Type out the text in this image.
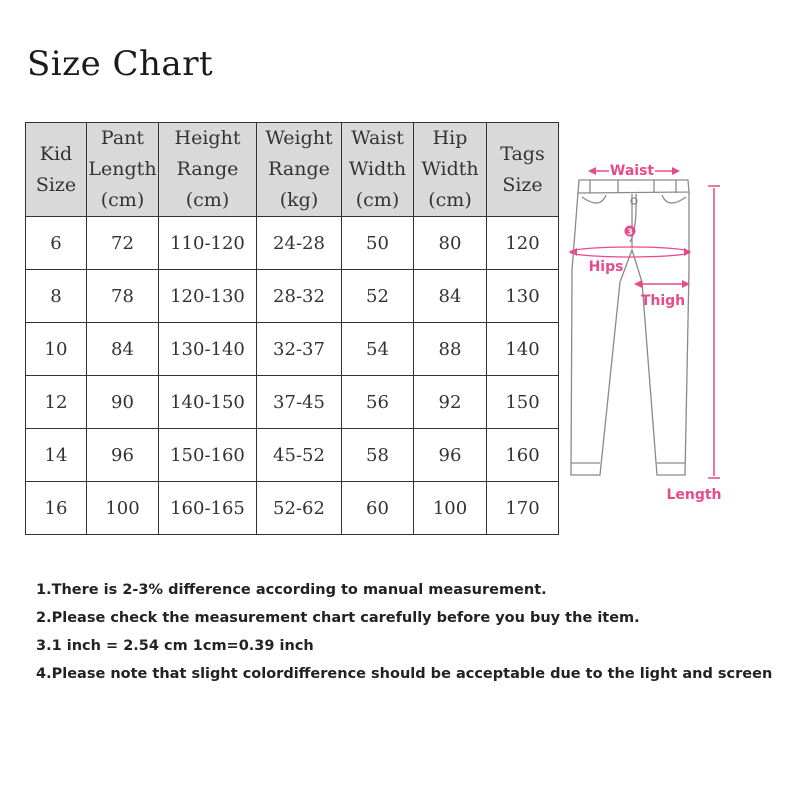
Size Chart
Kid
Size	Pant
Length
(cm)	Height
Range
(cm)	Weight
Range
(kg)	Waist
Width
(cm)	Hip
Width
(cm)	Tags
Size

6	72	110-120	24-28	50	80	120
8	78	120-130	28-32	52	84	130
10	84	130-140	32-37	54	88	140
12	90	140-150	37-45	56	92	150
14	96	150-160	45-52	58	96	160
16	100	160-165	52-62	60	100	170
Waist
3
Hips
Thigh
Length
1.There is 2-3% difference according to manual measurement.
2.Please check the measurement chart carefully before you buy the item.
3.1 inch = 2.54 cm 1cm=0.39 inch
4.Please note that slight colordifference should be acceptable due to the light and screen
